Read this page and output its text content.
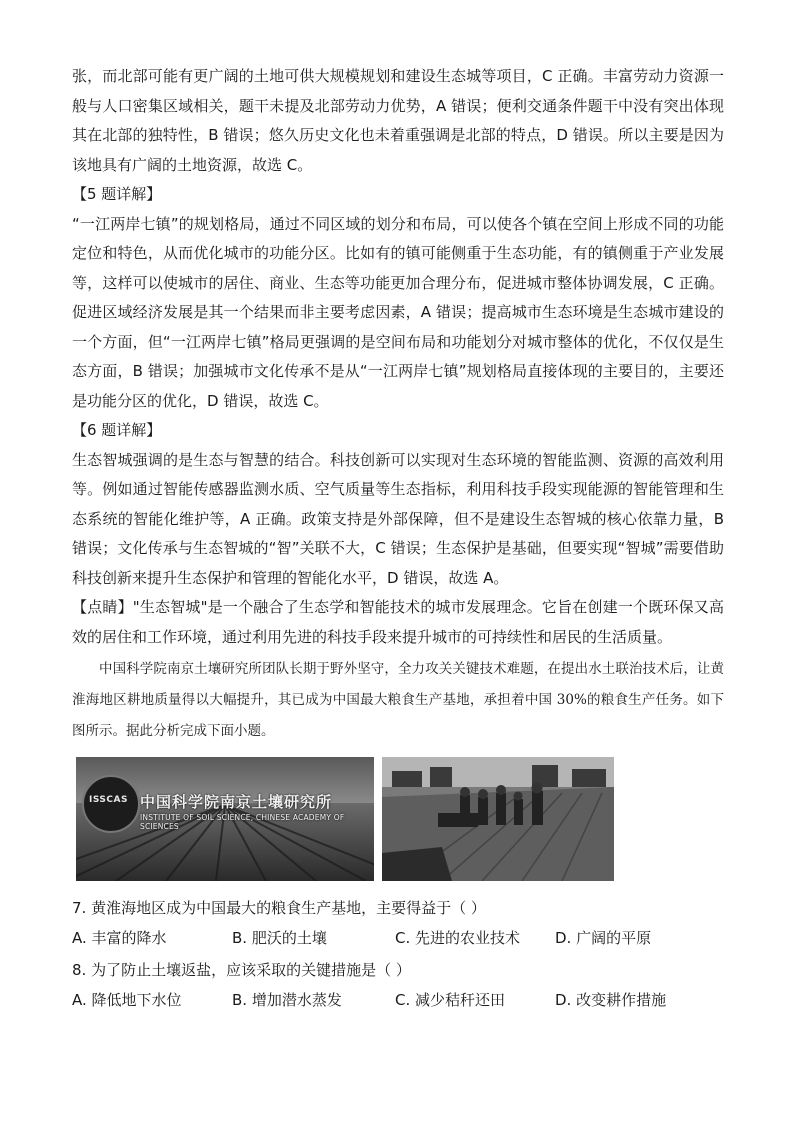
张，而北部可能有更广阔的土地可供大规模规划和建设生态城等项目，C 正确。丰富劳动力资源一般与人口密集区域相关，题干未提及北部劳动力优势，A 错误；便利交通条件题干中没有突出体现其在北部的独特性，B 错误；悠久历史文化也未着重强调是北部的特点，D 错误。所以主要是因为该地具有广阔的土地资源，故选 C。

【5 题详解】

“一江两岸七镇”的规划格局，通过不同区域的划分和布局，可以使各个镇在空间上形成不同的功能定位和特色，从而优化城市的功能分区。比如有的镇可能侧重于生态功能，有的镇侧重于产业发展等，这样可以使城市的居住、商业、生态等功能更加合理分布，促进城市整体协调发展，C 正确。促进区域经济发展是其一个结果而非主要考虑因素，A 错误；提高城市生态环境是生态城市建设的一个方面，但“一江两岸七镇”格局更强调的是空间布局和功能划分对城市整体的优化，不仅仅是生态方面，B 错误；加强城市文化传承不是从“一江两岸七镇”规划格局直接体现的主要目的，主要还是功能分区的优化，D 错误，故选 C。

【6 题详解】

生态智城强调的是生态与智慧的结合。科技创新可以实现对生态环境的智能监测、资源的高效利用等。例如通过智能传感器监测水质、空气质量等生态指标，利用科技手段实现能源的智能管理和生态系统的智能化维护等，A 正确。政策支持是外部保障，但不是建设生态智城的核心依靠力量，B 错误；文化传承与生态智城的“智”关联不大，C 错误；生态保护是基础，但要实现“智城”需要借助科技创新来提升生态保护和管理的智能化水平，D 错误，故选 A。

【点睛】"生态智城"是一个融合了生态学和智能技术的城市发展理念。它旨在创建一个既环保又高效的居住和工作环境，通过利用先进的科技手段来提升城市的可持续性和居民的生活质量。

中国科学院南京土壤研究所团队长期于野外坚守，全力攻关关键技术难题，在提出水土联治技术后，让黄淮海地区耕地质量得以大幅提升，其已成为中国最大粮食生产基地，承担着中国 30%的粮食生产任务。如下图所示。据此分析完成下面小题。

ISSCAS 中国科学院南京土壤研究所
INSTITUTE OF SOIL SCIENCE, CHINESE ACADEMY OF SCIENCES
7. 黄淮海地区成为中国最大的粮食生产基地，主要得益于（ ）
A. 丰富的降水	B. 肥沃的土壤	C. 先进的农业技术	D. 广阔的平原
8. 为了防止土壤返盐，应该采取的关键措施是（ ）
A. 降低地下水位	B. 增加潜水蒸发	C. 减少秸秆还田	D. 改变耕作措施
